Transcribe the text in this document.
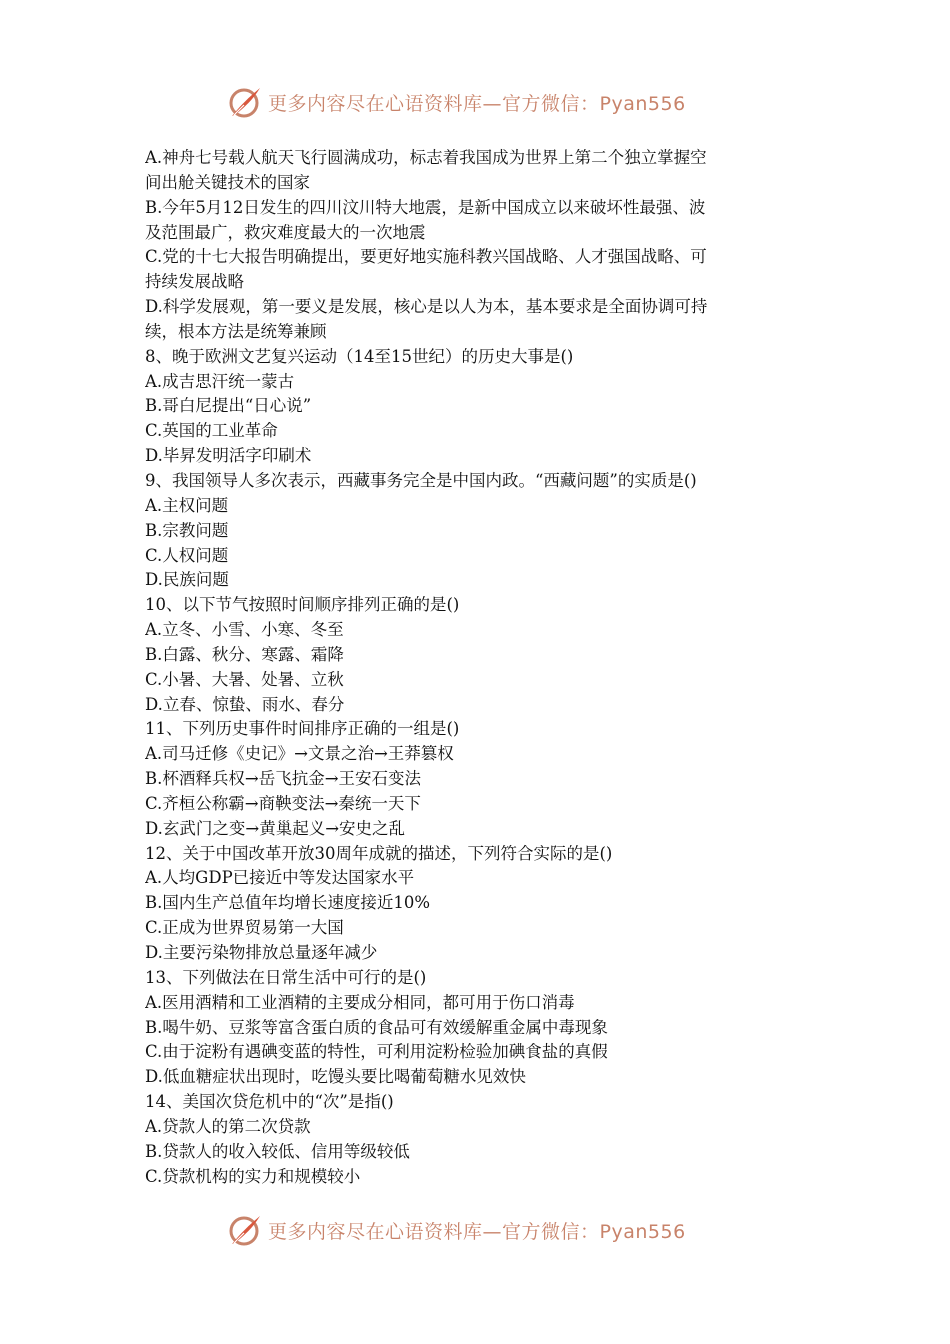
更多内容尽在心语资料库—官方微信：Pyan556
A.神舟七号载人航天飞行圆满成功，标志着我国成为世界上第二个独立掌握空
间出舱关键技术的国家
B.今年5月12日发生的四川汶川特大地震，是新中国成立以来破坏性最强、波
及范围最广，救灾难度最大的一次地震
C.党的十七大报告明确提出，要更好地实施科教兴国战略、人才强国战略、可
持续发展战略
D.科学发展观，第一要义是发展，核心是以人为本，基本要求是全面协调可持
续，根本方法是统筹兼顾
8、晚于欧洲文艺复兴运动（14至15世纪）的历史大事是()
A.成吉思汗统一蒙古
B.哥白尼提出“日心说”
C.英国的工业革命
D.毕昇发明活字印刷术
9、我国领导人多次表示，西藏事务完全是中国内政。“西藏问题”的实质是()
A.主权问题
B.宗教问题
C.人权问题
D.民族问题
10、以下节气按照时间顺序排列正确的是()
A.立冬、小雪、小寒、冬至
B.白露、秋分、寒露、霜降
C.小暑、大暑、处暑、立秋
D.立春、惊蛰、雨水、春分
11、下列历史事件时间排序正确的一组是()
A.司马迁修《史记》→文景之治→王莽篡权
B.杯酒释兵权→岳飞抗金→王安石变法
C.齐桓公称霸→商鞅变法→秦统一天下
D.玄武门之变→黄巢起义→安史之乱
12、关于中国改革开放30周年成就的描述，下列符合实际的是()
A.人均GDP已接近中等发达国家水平
B.国内生产总值年均增长速度接近10%
C.正成为世界贸易第一大国
D.主要污染物排放总量逐年减少
13、下列做法在日常生活中可行的是()
A.医用酒精和工业酒精的主要成分相同，都可用于伤口消毒
B.喝牛奶、豆浆等富含蛋白质的食品可有效缓解重金属中毒现象
C.由于淀粉有遇碘变蓝的特性，可利用淀粉检验加碘食盐的真假
D.低血糖症状出现时，吃馒头要比喝葡萄糖水见效快
14、美国次贷危机中的“次”是指()
A.贷款人的第二次贷款
B.贷款人的收入较低、信用等级较低
C.贷款机构的实力和规模较小
更多内容尽在心语资料库—官方微信：Pyan556
